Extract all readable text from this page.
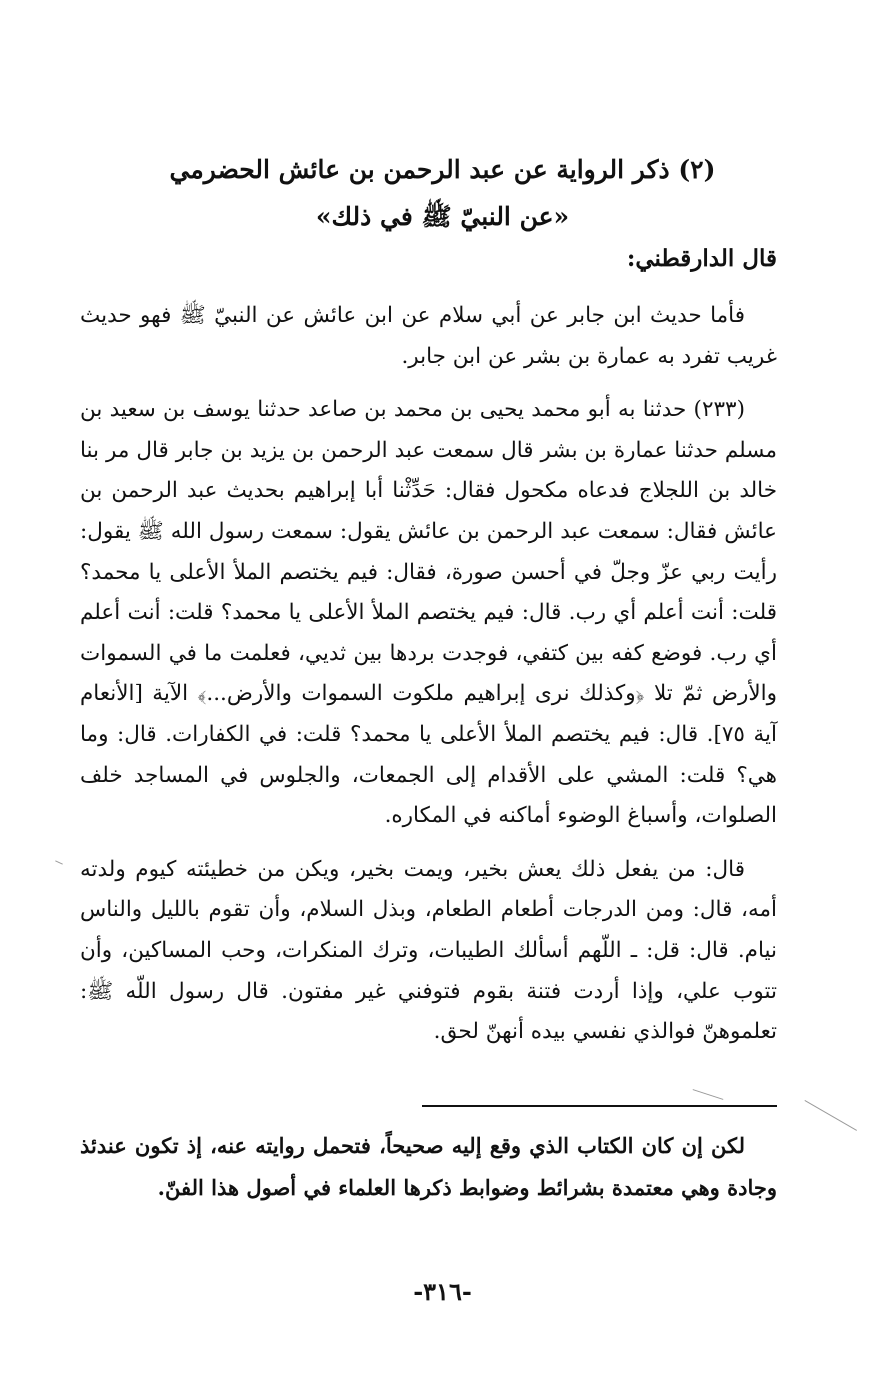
(٢) ذكر الرواية عن عبد الرحمن بن عائش الحضرمي
«عن النبيّ ﷺ في ذلك»
قال الدارقطني:

فأما حديث ابن جابر عن أبي سلام عن ابن عائش عن النبيّ ﷺ فهو حديث غريب تفرد به عمارة بن بشر عن ابن جابر.

(٢٣٣) حدثنا به أبو محمد يحيى بن محمد بن صاعد حدثنا يوسف بن سعيد بن مسلم حدثنا عمارة بن بشر قال سمعت عبد الرحمن بن يزيد بن جابر قال مر بنا خالد بن اللجلاج فدعاه مكحول فقال: حَدِّثْنا أبا إبراهيم بحديث عبد الرحمن بن عائش فقال: سمعت عبد الرحمن بن عائش يقول: سمعت رسول الله ﷺ يقول: رأيت ربي عزّ وجلّ في أحسن صورة، فقال: فيم يختصم الملأ الأعلى يا محمد؟ قلت: أنت أعلم أي رب. قال: فيم يختصم الملأ الأعلى يا محمد؟ قلت: أنت أعلم أي رب. فوضع كفه بين كتفي، فوجدت بردها بين ثديي، فعلمت ما في السموات والأرض ثمّ تلا ﴿وكذلك نرى إبراهيم ملكوت السموات والأرض...﴾ الآية [الأنعام آية ٧٥]. قال: فيم يختصم الملأ الأعلى يا محمد؟ قلت: في الكفارات. قال: وما هي؟ قلت: المشي على الأقدام إلى الجمعات، والجلوس في المساجد خلف الصلوات، وأسباغ الوضوء أماكنه في المكاره.

قال: من يفعل ذلك يعش بخير، ويمت بخير، ويكن من خطيئته كيوم ولدته أمه، قال: ومن الدرجات أطعام الطعام، وبذل السلام، وأن تقوم بالليل والناس نيام. قال: قل: ـ اللّهم أسألك الطيبات، وترك المنكرات، وحب المساكين، وأن تتوب علي، وإذا أردت فتنة بقوم فتوفني غير مفتون. قال رسول اللّه ﷺ: تعلموهنّ فوالذي نفسي بيده أنهنّ لحق.

لكن إن كان الكتاب الذي وقع إليه صحيحاً، فتحمل روايته عنه، إذ تكون عندئذ وجادة وهي معتمدة بشرائط وضوابط ذكرها العلماء في أصول هذا الفنّ.

-٣١٦-
